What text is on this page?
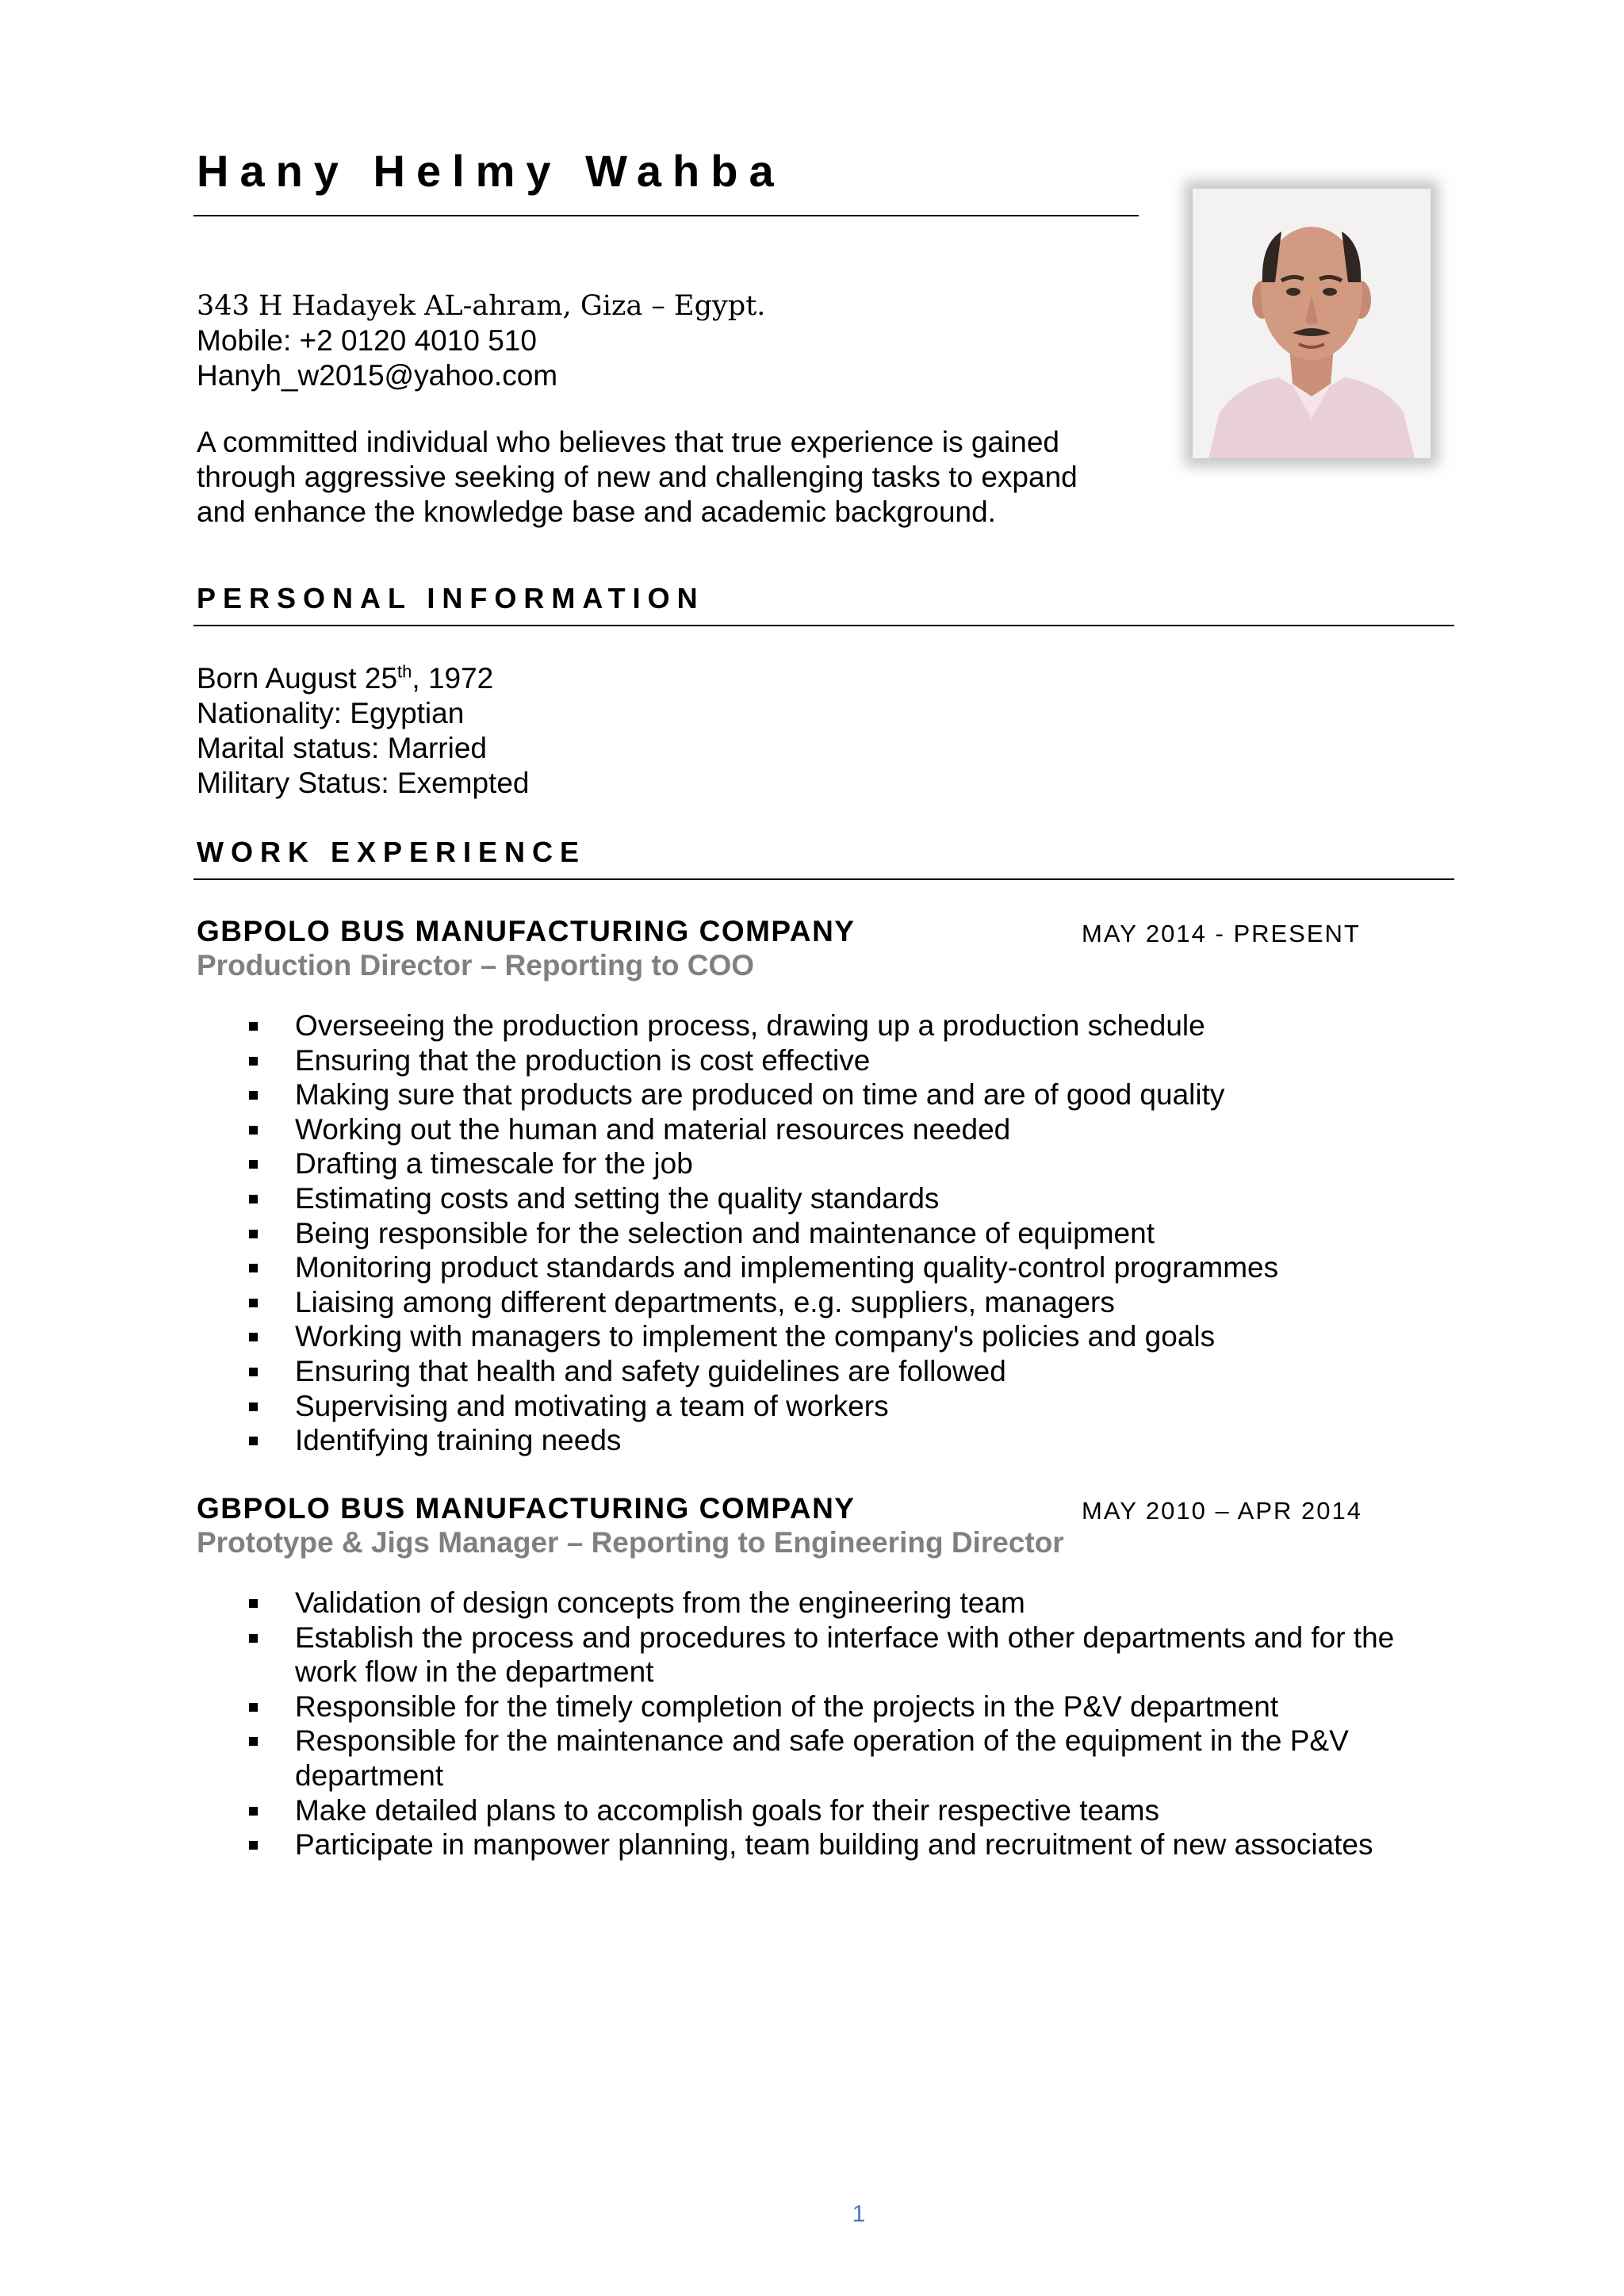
Hany Helmy Wahba
343 H Hadayek AL-ahram, Giza – Egypt.
Mobile: +2 0120 4010 510
Hanyh_w2015@yahoo.com

A committed individual who believes that true experience is gained through aggressive seeking of new and challenging tasks to expand and enhance the knowledge base and academic background.

PERSONAL INFORMATION
Born August 25th, 1972
Nationality: Egyptian
Marital status: Married
Military Status: Exempted
WORK EXPERIENCE
GBPOLO BUS MANUFACTURING COMPANY	MAY 2014 - PRESENT
Production Director – Reporting to COO
Overseeing the production process, drawing up a production schedule
Ensuring that the production is cost effective
Making sure that products are produced on time and are of good quality
Working out the human and material resources needed
Drafting a timescale for the job
Estimating costs and setting the quality standards
Being responsible for the selection and maintenance of equipment
Monitoring product standards and implementing quality-control programmes
Liaising among different departments, e.g. suppliers, managers
Working with managers to implement the company's policies and goals
Ensuring that health and safety guidelines are followed
Supervising and motivating a team of workers
Identifying training needs
GBPOLO BUS MANUFACTURING COMPANY	MAY 2010 – APR 2014
Prototype & Jigs Manager – Reporting to Engineering Director
Validation of design concepts from the engineering team
Establish the process and procedures to interface with other departments and for the work flow in the department
Responsible for the timely completion of the projects in the P&V department
Responsible for the maintenance and safe operation of the equipment in the P&V department
Make detailed plans to accomplish goals for their respective teams
Participate in manpower planning, team building and recruitment of new associates
1
